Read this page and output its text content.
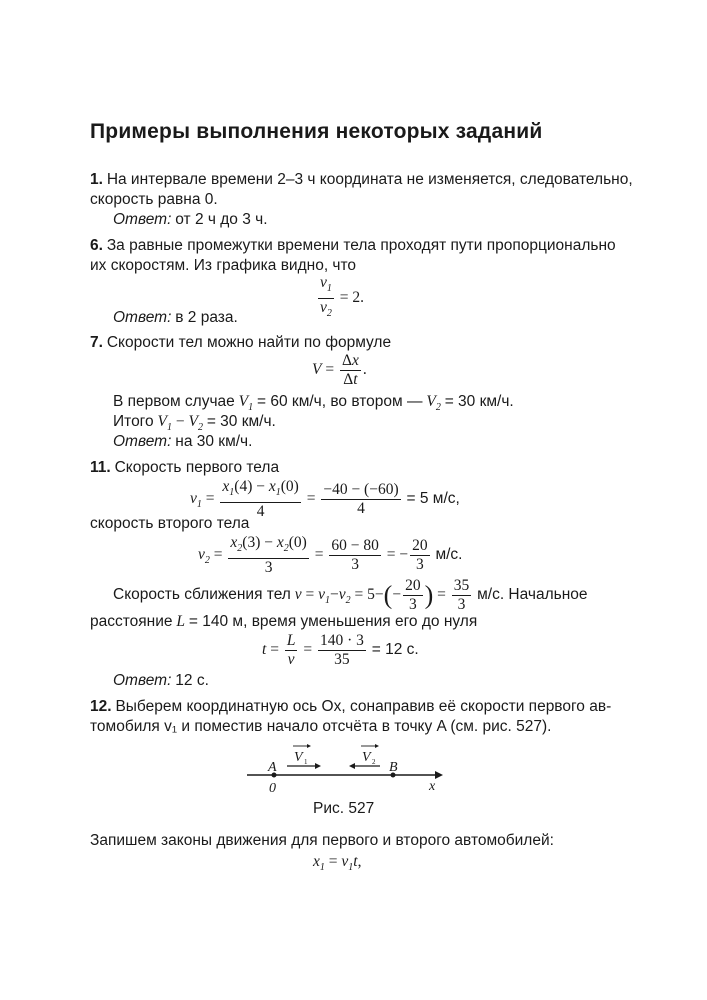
Примеры выполнения некоторых заданий
1. На интервале времени 2–3 ч координата не изменяется, следовательно,
скорость равна 0.
Ответ: от 2 ч до 3 ч.
6. За равные промежутки времени тела проходят пути пропорционально
их скоростям. Из графика видно, что
$\frac{v_1}{v_2} = 2$.
Ответ: в 2 раза.
7. Скорости тел можно найти по формуле
$V = \frac{\Delta x}{\Delta t}$ .
В первом случае $V_1 = 60$ км/ч, во втором — $V_2 = 30$ км/ч.
Итого $V_1 - V_2 = 30$ км/ч.
Ответ: на 30 км/ч.
11. Скорость первого тела
$v_1 = \frac{x_1(4) - x_1(0)}{4} = \frac{-40 - (-60)}{4} = 5$ м/с,
скорость второго тела
$v_2 = \frac{x_2(3) - x_2(0)}{3} = \frac{60 - 80}{3}$ = − $\frac{20}{3} м/с$.
Скорость сближения тел $v = v_1-v_2 = 5-(- \frac{20}{3}$ ) = $\frac{35}{3} м/с$. Начальное
расстояние L = 140 м, время уменьшения его до нуля
$t = \frac{L}{v} = \frac{140 \cdot 3}{35} = 12$ с.
Ответ: 12 с.
12. Выберем координатную ось Ox, сонаправив её скорости первого ав-
томобиля v₁ и поместив начало отсчёта в точку A (см. рис. 527).
A	B
0	x
V 1	V 2
Рис. 527
Запишем законы движения для первого и второго автомобилей:
$x_1 = v_1t$,
